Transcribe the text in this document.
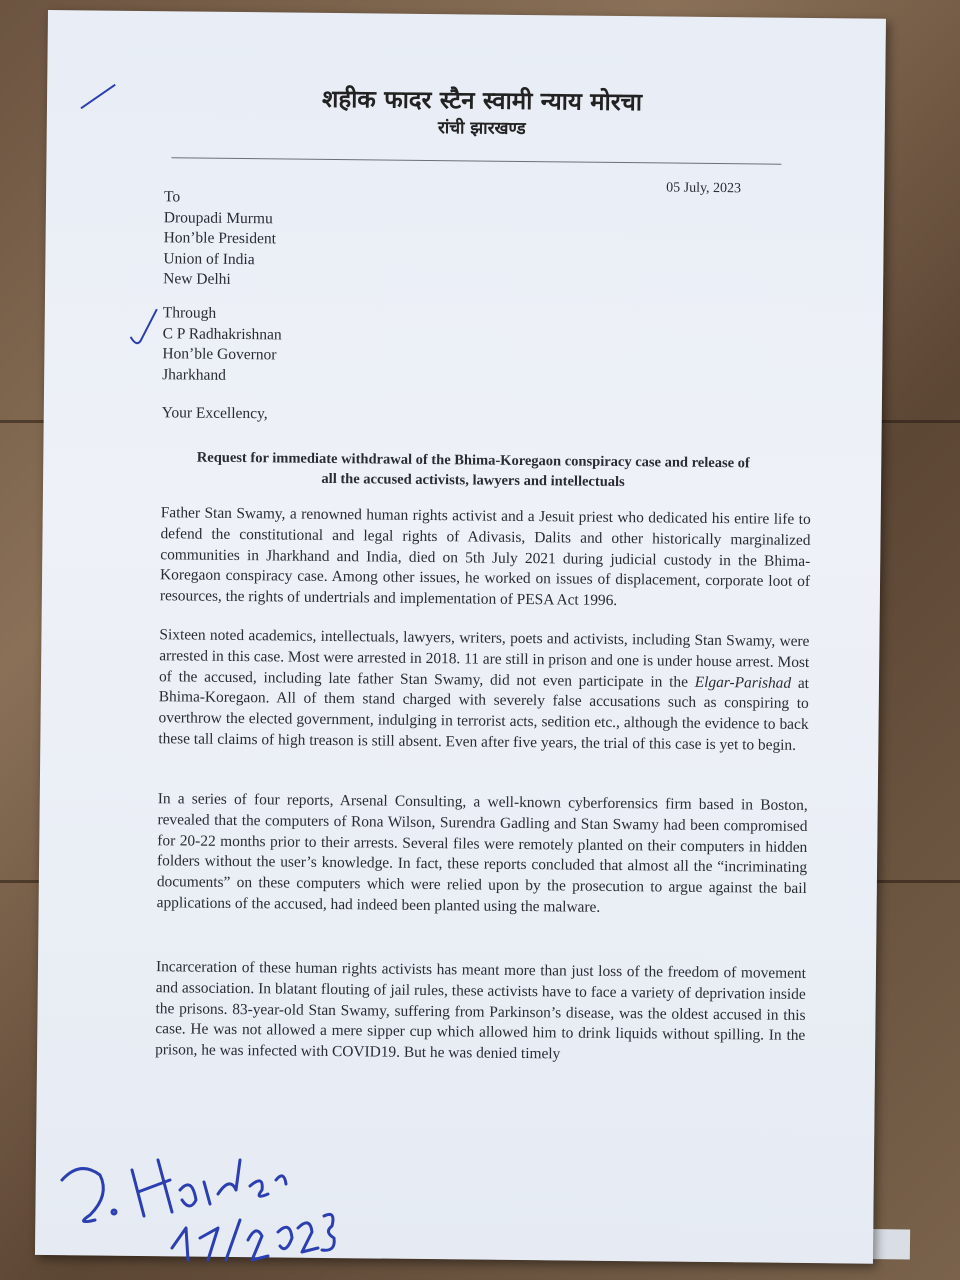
शहीक फादर स्टैन स्वामी न्याय मोरचा
रांची झारखण्ड
05 July, 2023
To
Droupadi Murmu
Hon’ble President
Union of India
New Delhi
Through
C P Radhakrishnan
Hon’ble Governor
Jharkhand
Your Excellency,
Request for immediate withdrawal of the Bhima-Koregaon conspiracy case and release of
all the accused activists, lawyers and intellectuals
Father Stan Swamy, a renowned human rights activist and a Jesuit priest who dedicated his entire life to defend the constitutional and legal rights of Adivasis, Dalits and other historically marginalized communities in Jharkhand and India, died on 5th July 2021 during judicial custody in the Bhima-Koregaon conspiracy case. Among other issues, he worked on issues of displacement, corporate loot of resources, the rights of undertrials and implementation of PESA Act 1996.
Sixteen noted academics, intellectuals, lawyers, writers, poets and activists, including Stan Swamy, were arrested in this case. Most were arrested in 2018. 11 are still in prison and one is under house arrest. Most of the accused, including late father Stan Swamy, did not even participate in the Elgar-Parishad at Bhima-Koregaon. All of them stand charged with severely false accusations such as conspiring to overthrow the elected government, indulging in terrorist acts, sedition etc., although the evidence to back these tall claims of high treason is still absent. Even after five years, the trial of this case is yet to begin.
In a series of four reports, Arsenal Consulting, a well-known cyberforensics firm based in Boston, revealed that the computers of Rona Wilson, Surendra Gadling and Stan Swamy had been compromised for 20-22 months prior to their arrests. Several files were remotely planted on their computers in hidden folders without the user’s knowledge. In fact, these reports concluded that almost all the “incriminating documents” on these computers which were relied upon by the prosecution to argue against the bail applications of the accused, had indeed been planted using the malware.
Incarceration of these human rights activists has meant more than just loss of the freedom of movement and association. In blatant flouting of jail rules, these activists have to face a variety of deprivation inside the prisons. 83-year-old Stan Swamy, suffering from Parkinson’s disease, was the oldest accused in this case. He was not allowed a mere sipper cup which allowed him to drink liquids without spilling. In the prison, he was infected with COVID19. But he was denied timely
